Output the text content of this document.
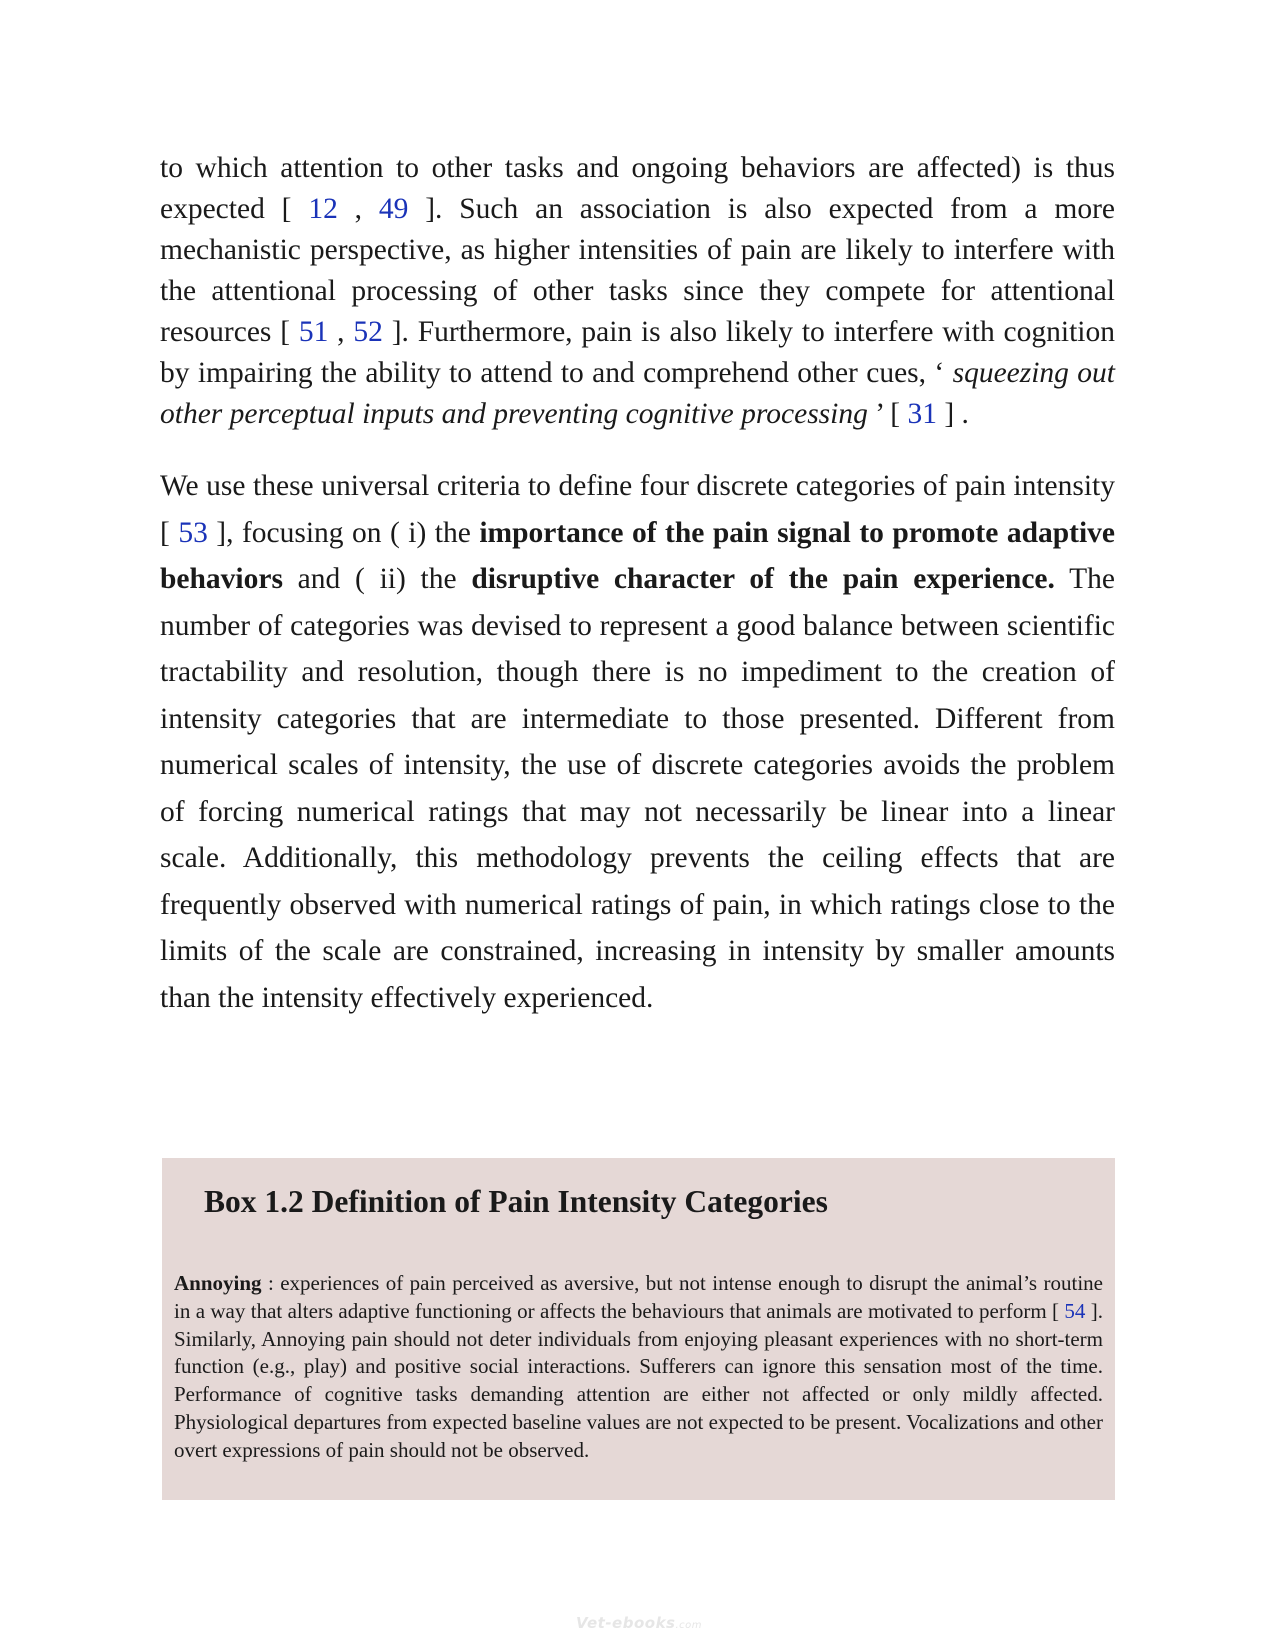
to which attention to other tasks and ongoing behaviors are affected) is thus expected [ 12 , 49 ]. Such an association is also expected from a more mechanistic perspective, as higher intensities of pain are likely to interfere with the attentional processing of other tasks since they compete for attentional resources [ 51 , 52 ]. Furthermore, pain is also likely to interfere with cognition by impairing the ability to attend to and comprehend other cues, ‘ squeezing out other perceptual inputs and preventing cognitive processing ’ [ 31 ] .

We use these universal criteria to define four discrete categories of pain intensity [ 53 ], focusing on ( i) the importance of the pain signal to promote adaptive behaviors and ( ii) the disruptive character of the pain experience. The number of categories was devised to represent a good balance between scientific tractability and resolution, though there is no impediment to the creation of intensity categories that are intermediate to those presented. Different from numerical scales of intensity, the use of discrete categories avoids the problem of forcing numerical ratings that may not necessarily be linear into a linear scale. Additionally, this methodology prevents the ceiling effects that are frequently observed with numerical ratings of pain, in which ratings close to the limits of the scale are constrained, increasing in intensity by smaller amounts than the intensity effectively experienced.

Box 1.2 Definition of Pain Intensity Categories

Annoying : experiences of pain perceived as aversive, but not intense enough to disrupt the animal’s routine in a way that alters adaptive functioning or affects the behaviours that animals are motivated to perform [ 54 ]. Similarly, Annoying pain should not deter individuals from enjoying pleasant experiences with no short-term function (e.g., play) and positive social interactions. Sufferers can ignore this sensation most of the time. Performance of cognitive tasks demanding attention are either not affected or only mildly affected. Physiological departures from expected baseline values are not expected to be present. Vocalizations and other overt expressions of pain should not be observed.

Vet-ebooks.com
